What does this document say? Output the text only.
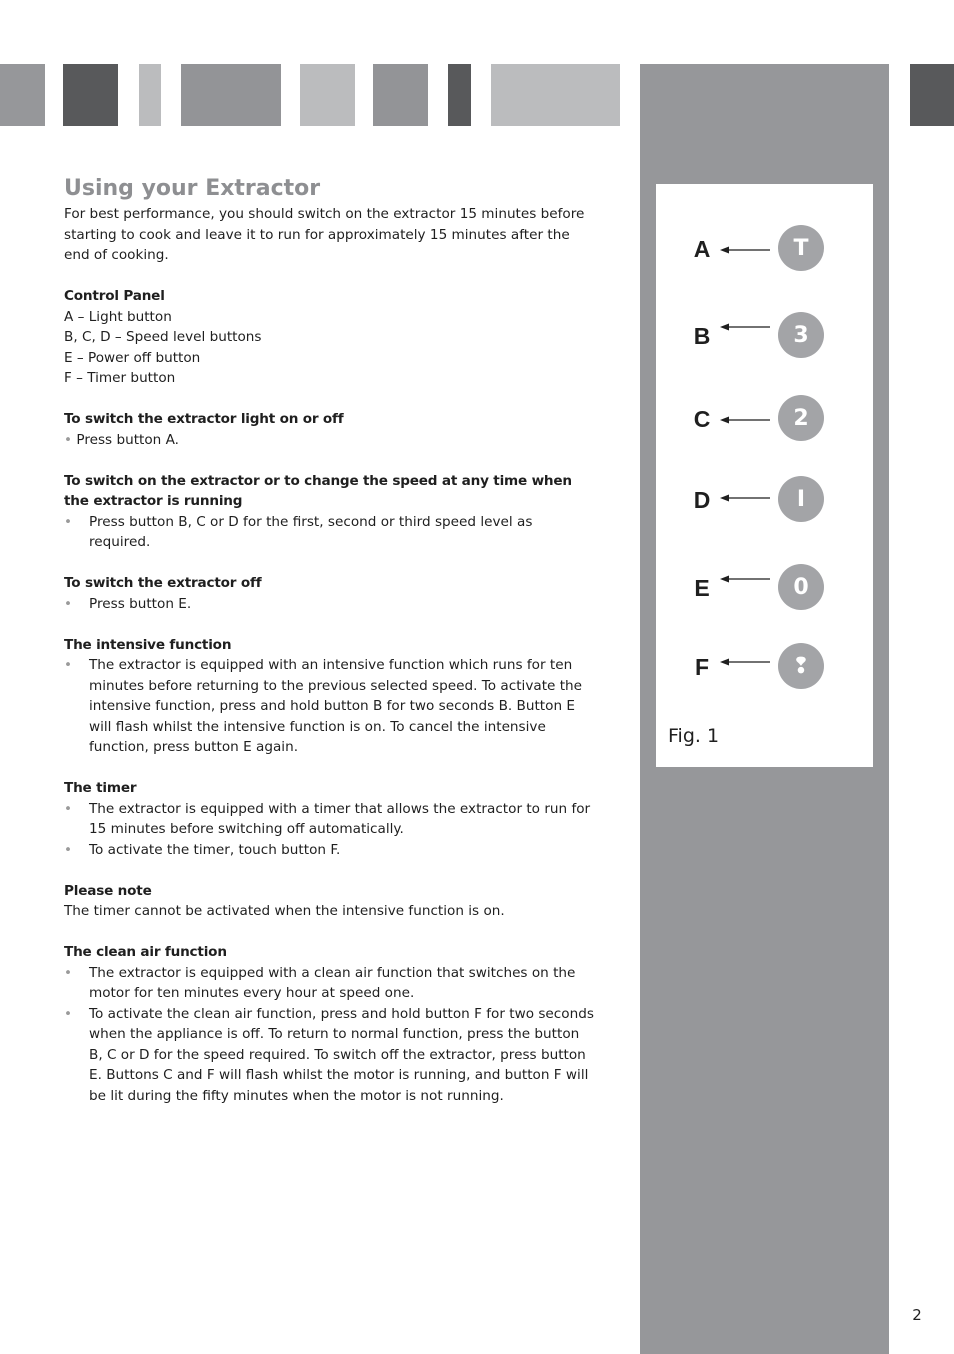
A	T
B	3
C	2
D	I
E	0
F	❢
Fig. 1
Using your Extractor

For best performance, you should switch on the extractor 15 minutes before starting to cook and leave it to run for approximately 15 minutes after the end of cooking.

Control Panel

A – Light button

B, C, D – Speed level buttons

E – Power off button

F – Timer button

To switch the extractor light on or off

• Press button A.

To switch on the extractor or to change the speed at any time when the extractor is running

• Press button B, C or D for the first, second or third speed level as required.

To switch the extractor off

• Press button E.

The intensive function

• The extractor is equipped with an intensive function which runs for ten minutes before returning to the previous selected speed. To activate the intensive function, press and hold button B for two seconds B. Button E will flash whilst the intensive function is on. To cancel the intensive function, press button E again.

The timer

• The extractor is equipped with a timer that allows the extractor to run for 15 minutes before switching off automatically.

• To activate the timer, touch button F.

Please note

The timer cannot be activated when the intensive function is on.

The clean air function

• The extractor is equipped with a clean air function that switches on the motor for ten minutes every hour at speed one.

• To activate the clean air function, press and hold button F for two seconds when the appliance is off. To return to normal function, press the button B, C or D for the speed required. To switch off the extractor, press button E. Buttons C and F will flash whilst the motor is running, and button F will be lit during the fifty minutes when the motor is not running.

2
